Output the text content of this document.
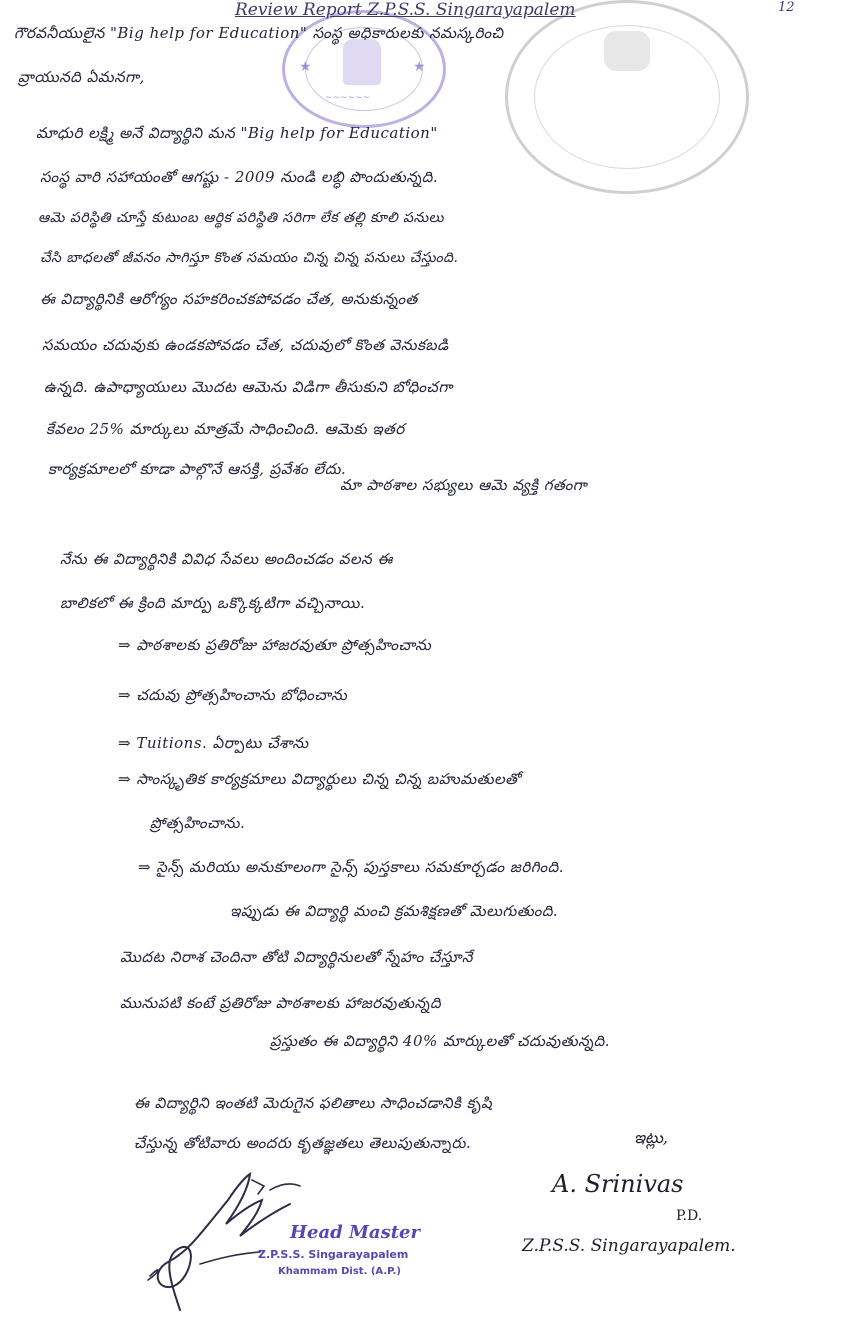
★	★
∼∼∼∼∼∼
Review Report Z.P.S.S. Singarayapalem	12
గౌరవనీయులైన "Big help for Education" సంస్థ అధికారులకు నమస్కరించి
వ్రాయునది ఏమనగా,
మాధురి లక్ష్మి అనే విద్యార్థిని మన "Big help for Education"
సంస్థ వారి సహాయంతో ఆగష్టు - 2009 నుండి లబ్ధి పొందుతున్నది.
ఆమె పరిస్థితి చూస్తే కుటుంబ ఆర్థిక పరిస్థితి సరిగా లేక తల్లి కూలి పనులు
చేసి బాధలతో జీవనం సాగిస్తూ కొంత సమయం చిన్న చిన్న పనులు చేస్తుంది.
ఈ విద్యార్థినికి ఆరోగ్యం సహకరించకపోవడం చేత, అనుకున్నంత
సమయం చదువుకు ఉండకపోవడం చేత, చదువులో కొంత వెనుకబడి
ఉన్నది. ఉపాధ్యాయులు మొదట ఆమెను విడిగా తీసుకుని బోధించగా
కేవలం 25% మార్కులు మాత్రమే సాధించింది. ఆమెకు ఇతర
కార్యక్రమాలలో కూడా పాల్గొనే ఆసక్తి, ప్రవేశం లేదు.
మా పాఠశాల సభ్యులు ఆమె వ్యక్తి గతంగా
నేను ఈ విద్యార్థినికి వివిధ సేవలు అందించడం వలన ఈ
బాలికలో ఈ క్రింది మార్పు ఒక్కొక్కటిగా వచ్చినాయి.
⇒ పాఠశాలకు ప్రతిరోజు హాజరవుతూ ప్రోత్సహించాను
⇒ చదువు ప్రోత్సహించాను బోధించాను
⇒ Tuitions. ఏర్పాటు చేశాను
⇒ సాంస్కృతిక కార్యక్రమాలు విద్యార్థులు చిన్న చిన్న బహుమతులతో
ప్రోత్సహించాను.
⇒ సైన్స్ మరియు అనుకూలంగా సైన్స్ పుస్తకాలు సమకూర్చడం జరిగింది.
ఇప్పుడు ఈ విద్యార్థి మంచి క్రమశిక్షణతో మెలుగుతుంది.
మొదట నిరాశ చెందినా తోటి విద్యార్థినులతో స్నేహం చేస్తూనే
మునుపటి కంటే ప్రతిరోజు పాఠశాలకు హాజరవుతున్నది
ప్రస్తుతం ఈ విద్యార్థిని 40% మార్కులతో చదువుతున్నది.
ఈ విద్యార్థిని ఇంతటి మెరుగైన ఫలితాలు సాధించడానికి కృషి
చేస్తున్న తోటివారు అందరు కృతజ్ఞతలు తెలుపుతున్నారు.	ఇట్లు,
A. Srinivas
P.D.
Z.P.S.S. Singarayapalem.
Head Master
Z.P.S.S. Singarayapalem
Khammam Dist. (A.P.)
